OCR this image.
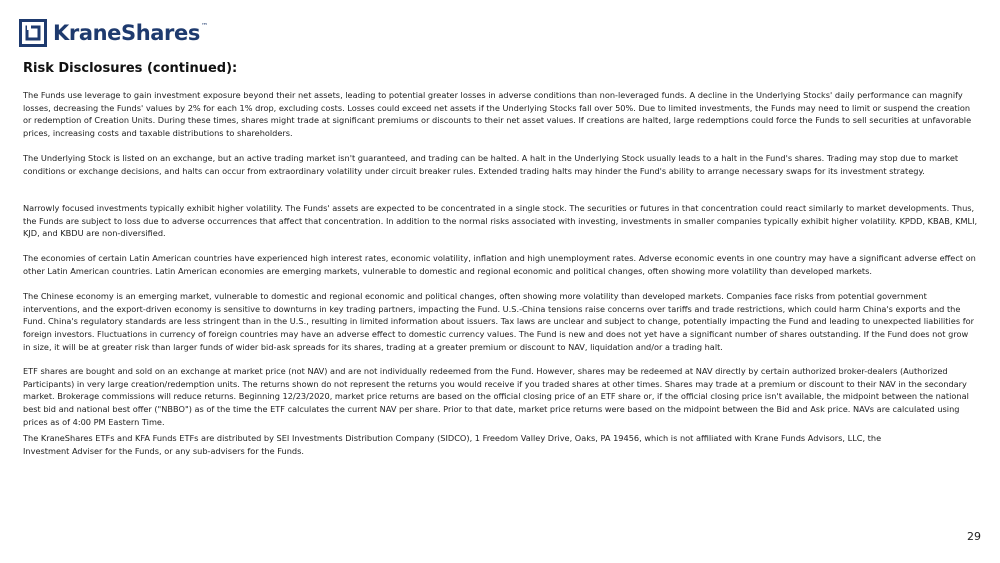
KraneShares™
Risk Disclosures (continued):

The Funds use leverage to gain investment exposure beyond their net assets, leading to potential greater losses in adverse conditions than non-leveraged funds. A decline in the Underlying Stocks' daily performance can magnify losses, decreasing the Funds' values by 2% for each 1% drop, excluding costs. Losses could exceed net assets if the Underlying Stocks fall over 50%. Due to limited investments, the Funds may need to limit or suspend the creation or redemption of Creation Units. During these times, shares might trade at significant premiums or discounts to their net asset values. If creations are halted, large redemptions could force the Funds to sell securities at unfavorable prices, increasing costs and taxable distributions to shareholders.

The Underlying Stock is listed on an exchange, but an active trading market isn't guaranteed, and trading can be halted. A halt in the Underlying Stock usually leads to a halt in the Fund's shares. Trading may stop due to market conditions or exchange decisions, and halts can occur from extraordinary volatility under circuit breaker rules. Extended trading halts may hinder the Fund's ability to arrange necessary swaps for its investment strategy.

Narrowly focused investments typically exhibit higher volatility. The Funds' assets are expected to be concentrated in a single stock. The securities or futures in that concentration could react similarly to market developments. Thus, the Funds are subject to loss due to adverse occurrences that affect that concentration. In addition to the normal risks associated with investing, investments in smaller companies typically exhibit higher volatility. KPDD, KBAB, KMLI, KJD, and KBDU are non-diversified.

The economies of certain Latin American countries have experienced high interest rates, economic volatility, inflation and high unemployment rates. Adverse economic events in one country may have a significant adverse effect on other Latin American countries. Latin American economies are emerging markets, vulnerable to domestic and regional economic and political changes, often showing more volatility than developed markets.

The Chinese economy is an emerging market, vulnerable to domestic and regional economic and political changes, often showing more volatility than developed markets. Companies face risks from potential government interventions, and the export-driven economy is sensitive to downturns in key trading partners, impacting the Fund. U.S.-China tensions raise concerns over tariffs and trade restrictions, which could harm China's exports and the Fund. China's regulatory standards are less stringent than in the U.S., resulting in limited information about issuers. Tax laws are unclear and subject to change, potentially impacting the Fund and leading to unexpected liabilities for foreign investors. Fluctuations in currency of foreign countries may have an adverse effect to domestic currency values. The Fund is new and does not yet have a significant number of shares outstanding. If the Fund does not grow in size, it will be at greater risk than larger funds of wider bid-ask spreads for its shares, trading at a greater premium or discount to NAV, liquidation and/or a trading halt.

ETF shares are bought and sold on an exchange at market price (not NAV) and are not individually redeemed from the Fund. However, shares may be redeemed at NAV directly by certain authorized broker-dealers (Authorized Participants) in very large creation/redemption units. The returns shown do not represent the returns you would receive if you traded shares at other times. Shares may trade at a premium or discount to their NAV in the secondary market. Brokerage commissions will reduce returns. Beginning 12/23/2020, market price returns are based on the official closing price of an ETF share or, if the official closing price isn't available, the midpoint between the national best bid and national best offer ("NBBO") as of the time the ETF calculates the current NAV per share. Prior to that date, market price returns were based on the midpoint between the Bid and Ask price. NAVs are calculated using prices as of 4:00 PM Eastern Time.

The KraneShares ETFs and KFA Funds ETFs are distributed by SEI Investments Distribution Company (SIDCO), 1 Freedom Valley Drive, Oaks, PA 19456, which is not affiliated with Krane Funds Advisors, LLC, the Investment Adviser for the Funds, or any sub-advisers for the Funds.

29
